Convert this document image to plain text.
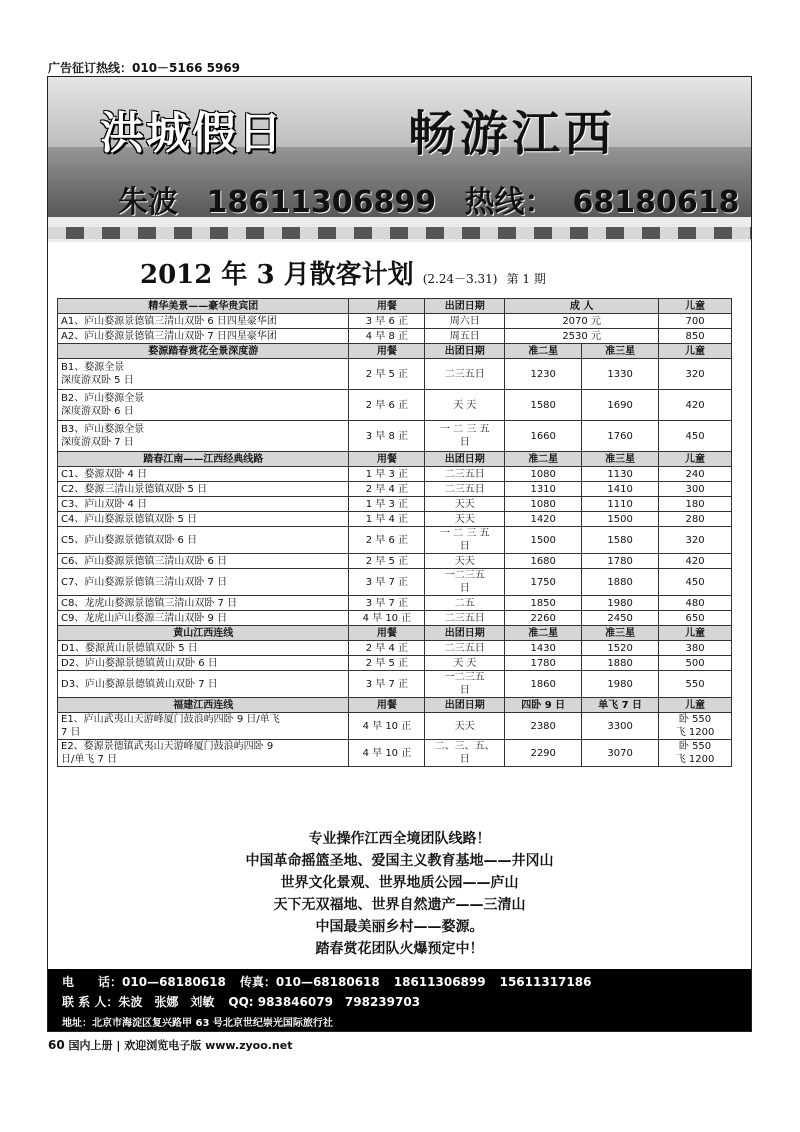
广告征订热线：010－5166 5969
洪城假日	畅游江西
朱波 18611306899 热线： 68180618
2012 年 3 月散客计划 (2.24－3.31) 第 1 期
精华美景——豪华贵宾团	用餐	出团日期	成 人		儿童
A1、庐山婺源景德镇三清山双卧 6 日四星豪华团	3 早 6 正	周六日	2070 元		700
A2、庐山婺源景德镇三清山双卧 7 日四星豪华团	4 早 8 正	周五日	2530 元		850
婺源踏春赏花全景深度游	用餐	出团日期	准二星	准三星	儿童
B1、婺源全景
深度游双卧 5 日	2 早 5 正	二三五日	1230	1330	320
B2、庐山婺源全景
深度游双卧 6 日	2 早 6 正	天 天	1580	1690	420
B3、庐山婺源全景
深度游双卧 7 日	3 早 8 正	一 二 三 五
日	1660	1760	450
踏春江南——江西经典线路	用餐	出团日期	准二星	准三星	儿童
C1、婺源双卧 4 日	1 早 3 正	二三五日	1080	1130	240
C2、婺源三清山景德镇双卧 5 日	2 早 4 正	二三五日	1310	1410	300
C3、庐山双卧 4 日	1 早 3 正	天天	1080	1110	180
C4、庐山婺源景德镇双卧 5 日	1 早 4 正	天天	1420	1500	280
C5、庐山婺源景德镇双卧 6 日	2 早 6 正	一 二 三 五
日	1500	1580	320
C6、庐山婺源景德镇三清山双卧 6 日	2 早 5 正	天天	1680	1780	420
C7、庐山婺源景德镇三清山双卧 7 日	3 早 7 正	一二三五
日	1750	1880	450
C8、龙虎山婺源景德镇三清山双卧 7 日	3 早 7 正	二五	1850	1980	480
C9、龙虎山庐山婺源三清山双卧 9 日	4 早 10 正	二三五日	2260	2450	650
黄山江西连线	用餐	出团日期	准二星	准三星	儿童
D1、婺源黄山景德镇双卧 5 日	2 早 4 正	二三五日	1430	1520	380
D2、庐山婺源景德镇黄山双卧 6 日	2 早 5 正	天 天	1780	1880	500
D3、庐山婺源景德镇黄山双卧 7 日	3 早 7 正	一二三五
日	1860	1980	550
福建江西连线	用餐	出团日期	四卧 9 日	单飞 7 日	儿童
E1、庐山武夷山天游峰厦门鼓浪屿四卧 9 日/单飞
7 日	4 早 10 正	天天	2380	3300	卧 550
飞 1200
E2、婺源景德镇武夷山天游峰厦门鼓浪屿四卧 9
日/单飞 7 日	4 早 10 正	二、三、五、
日	2290	3070	卧 550
飞 1200
专业操作江西全境团队线路！
中国革命摇篮圣地、爱国主义教育基地——井冈山
世界文化景观、世界地质公园——庐山
天下无双福地、世界自然遗产——三清山
中国最美丽乡村——婺源。
踏春赏花团队火爆预定中！
电　　话：010—68180618 传真：010—68180618 18611306899 15611317186
联 系 人：朱波　张娜　刘敏 QQ: 983846079　798239703
地址：北京市海淀区复兴路甲 63 号北京世纪崇光国际旅行社
60 国内上册 | 欢迎浏览电子版 www.zyoo.net
